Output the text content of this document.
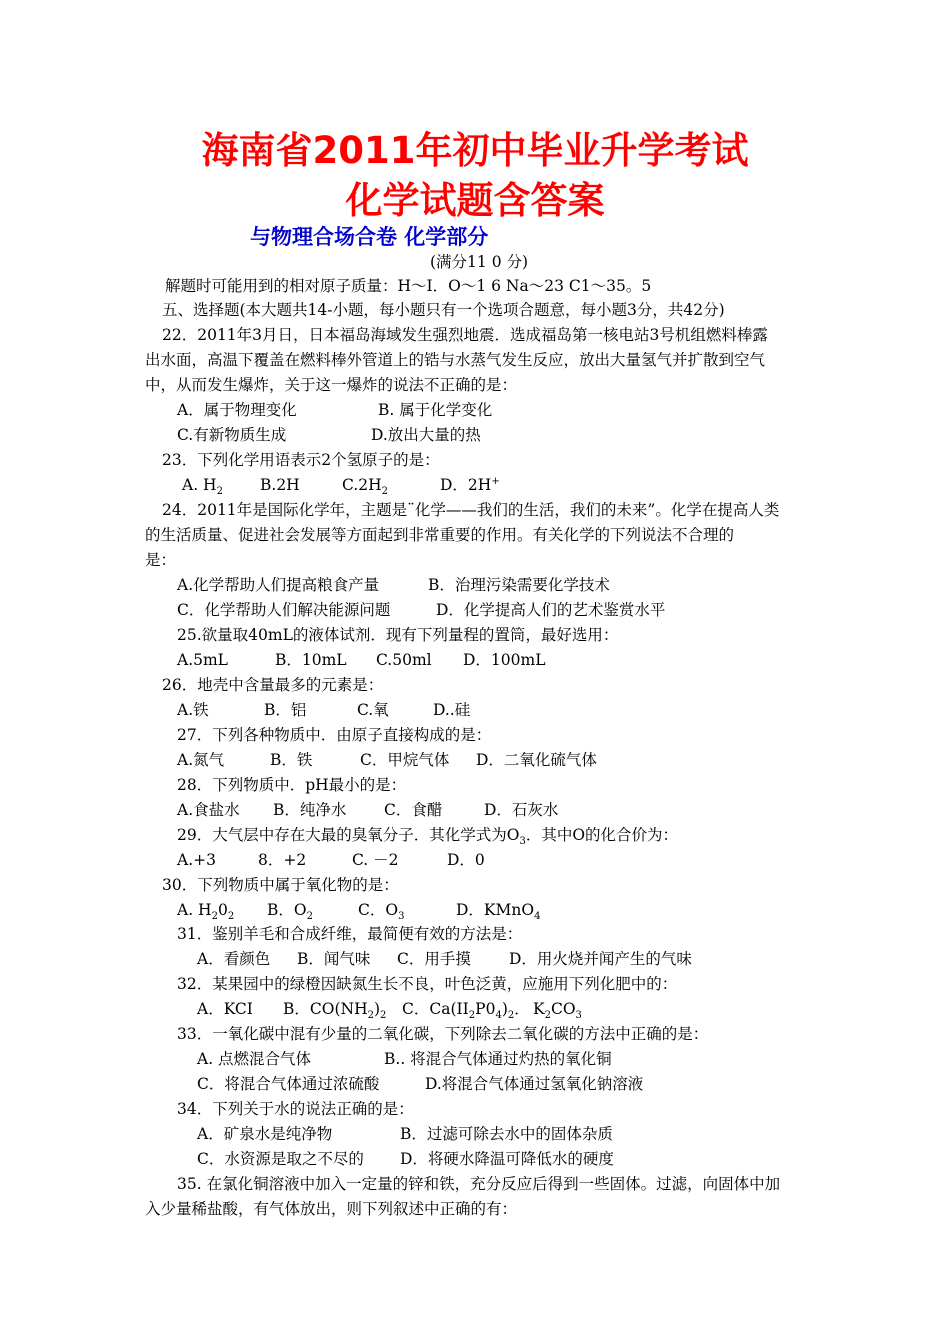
海南省2011年初中毕业升学考试
化学试题含答案
与物理合场合卷 化学部分
(满分11 0 分)
解题时可能用到的相对原子质量：H～I．O～1 6 Na～23 C1～35。5
五、选择题(本大题共14-小题，每小题只有一个选项合题意，每小题3分，共42分)
22．2011年3月日，日本福岛海域发生强烈地震．选成福岛第一核电站3号机组燃料棒露
出水面，高温下覆盖在燃料棒外管道上的锆与水蒸气发生反应，放出大量氢气并扩散到空气
中，从而发生爆炸，关于这一爆炸的说法不正确的是：
A．属于物理变化	B. 属于化学变化
C.有新物质生成	D.放出大量的热
23．下列化学用语表示2个氢原子的是：
A. $H_2$ B.2H	$C.2H_2$	D．2H+
24．2011年是国际化学年，主题是¨化学——我们的生活，我们的未来”。化学在提高人类
的生活质量、促进社会发展等方面起到非常重要的作用。有关化学的下列说法不合理的
是：
A.化学帮助人们提高粮食产量	B．治理污染需要化学技术
C．化学帮助人们解决能源问题	D．化学提高人们的艺术鉴赏水平
25.欲量取40mL的液体试剂．现有下列量程的置筒，最好选用：
A.5mL	B．10mL C.50ml D．100mL
26．地壳中含量最多的元素是：
A.铁	B．铝	C.氧	D..硅
27．下列各种物质中．由原子直接构成的是：
A.氮气	B．铁	C．甲烷气体 D．二氧化硫气体
28．下列物质中．pH最小的是：
A.食盐水 B．纯净水 C．食醋	D．石灰水
29．大气层中存在大最的臭氧分子．其化学式为$O_3$．其中O的化合价为：
A.+3	8．+2	C. －2	D．0
30．下列物质中属于氧化物的是：
A. $H_20_2$ B．$O_2$	C．$O_3$	D．KMnO$_4$
31．鉴别羊毛和合成纤维，最简便有效的方法是：
A．看颜色 B．闻气味 C．用手摸 D．用火烧并闻产生的气味
32．某果园中的绿橙因缺氮生长不良，叶色泛黄，应施用下列化肥中的：
A．KCI B．$CO(NH_2)_2$ C．$Ca(II_2P0_4)_2$． $K_2CO_3$
33．一氧化碳中混有少量的二氧化碳，下列除去二氧化碳的方法中正确的是：
A. 点燃混合气体	B.. 将混合气体通过灼热的氧化铜
C．将混合气体通过浓硫酸	D.将混合气体通过氢氧化钠溶液
34．下列关于水的说法正确的是：
A．矿泉水是纯净物	B．过滤可除去水中的固体杂质
C．水资源是取之不尽的 D．将硬水降温可降低水的硬度
35. 在氯化铜溶液中加入一定量的锌和铁，充分反应后得到一些固体。过滤，向固体中加
入少量稀盐酸，有气体放出，则下列叙述中正确的有：
